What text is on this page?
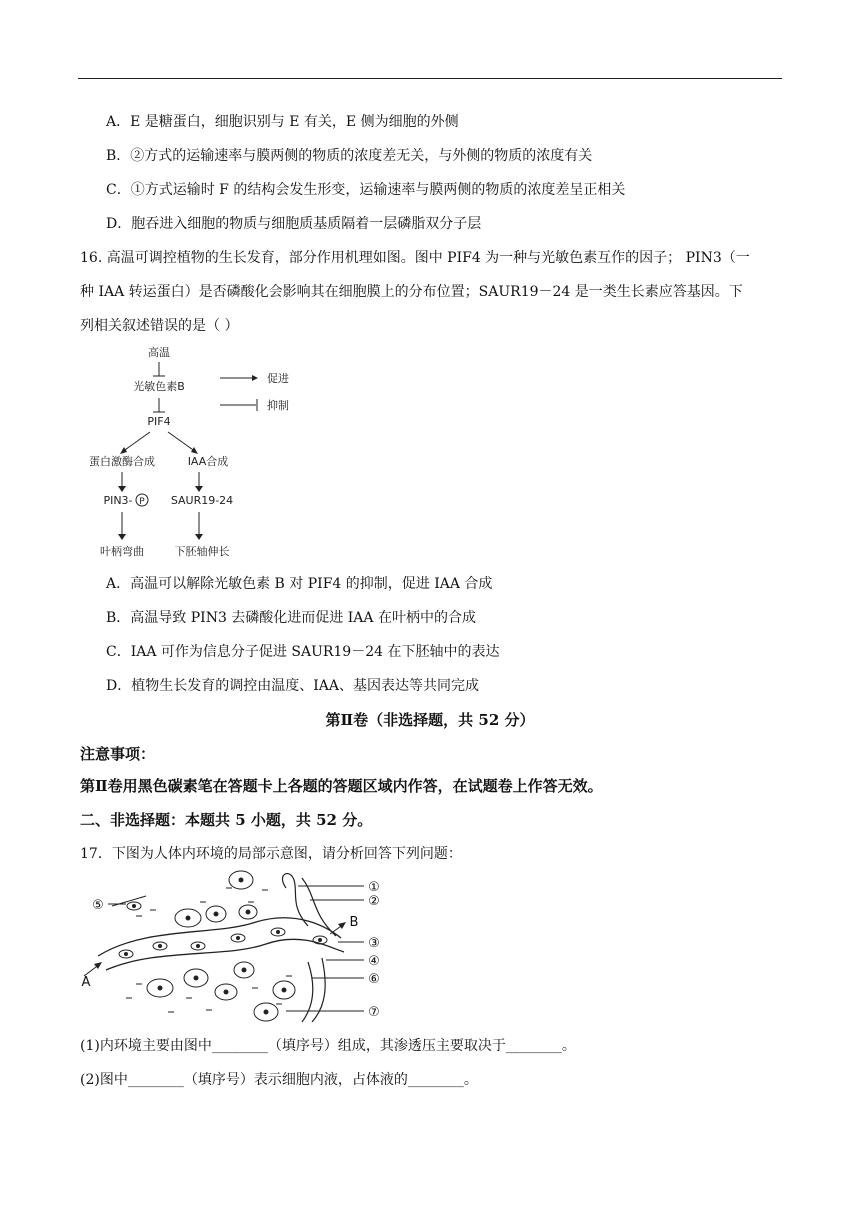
A．E 是糖蛋白，细胞识别与 E 有关，E 侧为细胞的外侧
B．②方式的运输速率与膜两侧的物质的浓度差无关，与外侧的物质的浓度有关
C．①方式运输时 F 的结构会发生形变，运输速率与膜两侧的物质的浓度差呈正相关
D．胞吞进入细胞的物质与细胞质基质隔着一层磷脂双分子层
16. 高温可调控植物的生长发育，部分作用机理如图。图中 PIF4 为一种与光敏色素互作的因子； PIN3（一
种 IAA 转运蛋白）是否磷酸化会影响其在细胞膜上的分布位置；SAUR19－24 是一类生长素应答基因。下
列相关叙述错误的是（ ）
高温
光敏色素B
PIF4
蛋白激酶合成	IAA合成
PIN3- P SAUR19-24
叶柄弯曲	下胚轴伸长
促进
抑制
A．高温可以解除光敏色素 B 对 PIF4 的抑制，促进 IAA 合成
B．高温导致 PIN3 去磷酸化进而促进 IAA 在叶柄中的合成
C．IAA 可作为信息分子促进 SAUR19－24 在下胚轴中的表达
D．植物生长发育的调控由温度、IAA、基因表达等共同完成
第Ⅱ卷（非选择题，共 52 分）
注意事项：
第Ⅱ卷用黑色碳素笔在答题卡上各题的答题区域内作答，在试题卷上作答无效。
二、非选择题：本题共 5 小题，共 52 分。
17．下图为人体内环境的局部示意图，请分析回答下列问题：
①
②
③
④
⑥
⑦
⑤
A
B
(1)内环境主要由图中________（填序号）组成，其渗透压主要取决于________。
(2)图中________（填序号）表示细胞内液，占体液的________。
